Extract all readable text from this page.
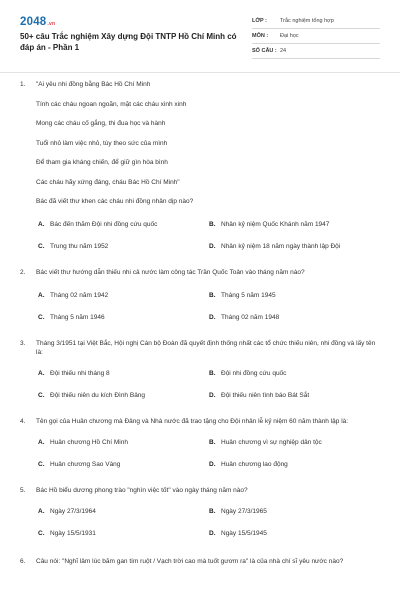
2048.vn
50+ câu Trắc nghiệm Xây dựng Đội TNTP Hồ Chí Minh có đáp án - Phần 1
LỚP :	Trắc nghiệm tổng hợp
MÔN :	Đại học
SỐ CÂU : 24
1.	"Ai yêu nhi đồng bằng Bác Hồ Chí Minh
Tính các cháu ngoan ngoãn, mặt các cháu xinh xinh
Mong các cháu cố gắng, thi đua học và hành
Tuổi nhỏ làm việc nhỏ, tùy theo sức của mình
Để tham gia kháng chiến, để giữ gìn hòa bình
Các cháu hãy xứng đáng, cháu Bác Hồ Chí Minh"
Bác đã viết thư khen các cháu nhi đồng nhân dịp nào?
A. Bác đến thăm Đội nhi đồng cứu quốc	B. Nhân kỷ niệm Quốc Khánh năm 1947
C. Trung thu năm 1952	D. Nhân kỷ niệm 18 năm ngày thành lập Đội
2.	Bác viết thư hướng dẫn thiếu nhi cả nước làm công tác Trần Quốc Toản vào tháng năm nào?
A. Tháng 02 năm 1942	B. Tháng 5 năm 1945
C. Tháng 5 năm 1946	D. Tháng 02 năm 1948
3.	Tháng 3/1951 tại Việt Bắc, Hội nghị Cán bộ Đoàn đã quyết định thống nhất các tổ chức thiếu niên, nhi đồng và lấy tên là:
A. Đội thiếu nhi tháng 8	B. Đội nhi đồng cứu quốc
C. Đội thiếu niên du kích Đình Bảng	D. Đội thiếu niên tình báo Bát Sắt
4.	Tên gọi của Huân chương mà Đảng và Nhà nước đã trao tặng cho Đội nhân lễ kỷ niệm 60 năm thành lập là:
A. Huân chương Hồ Chí Minh	B. Huân chương vì sự nghiệp dân tộc
C. Huân chương Sao Vàng	D. Huân chương lao động
5.	Bác Hồ biểu dương phong trào "nghìn việc tốt" vào ngày tháng năm nào?
A. Ngày 27/3/1964	B. Ngày 27/3/1965
C. Ngày 15/5/1931	D. Ngày 15/5/1945
6.	Câu nói: "Nghĩ lâm lúc băm gan tím ruột / Vạch trời cao mà tuốt gươm ra" là của nhà chí sĩ yêu nước nào?
